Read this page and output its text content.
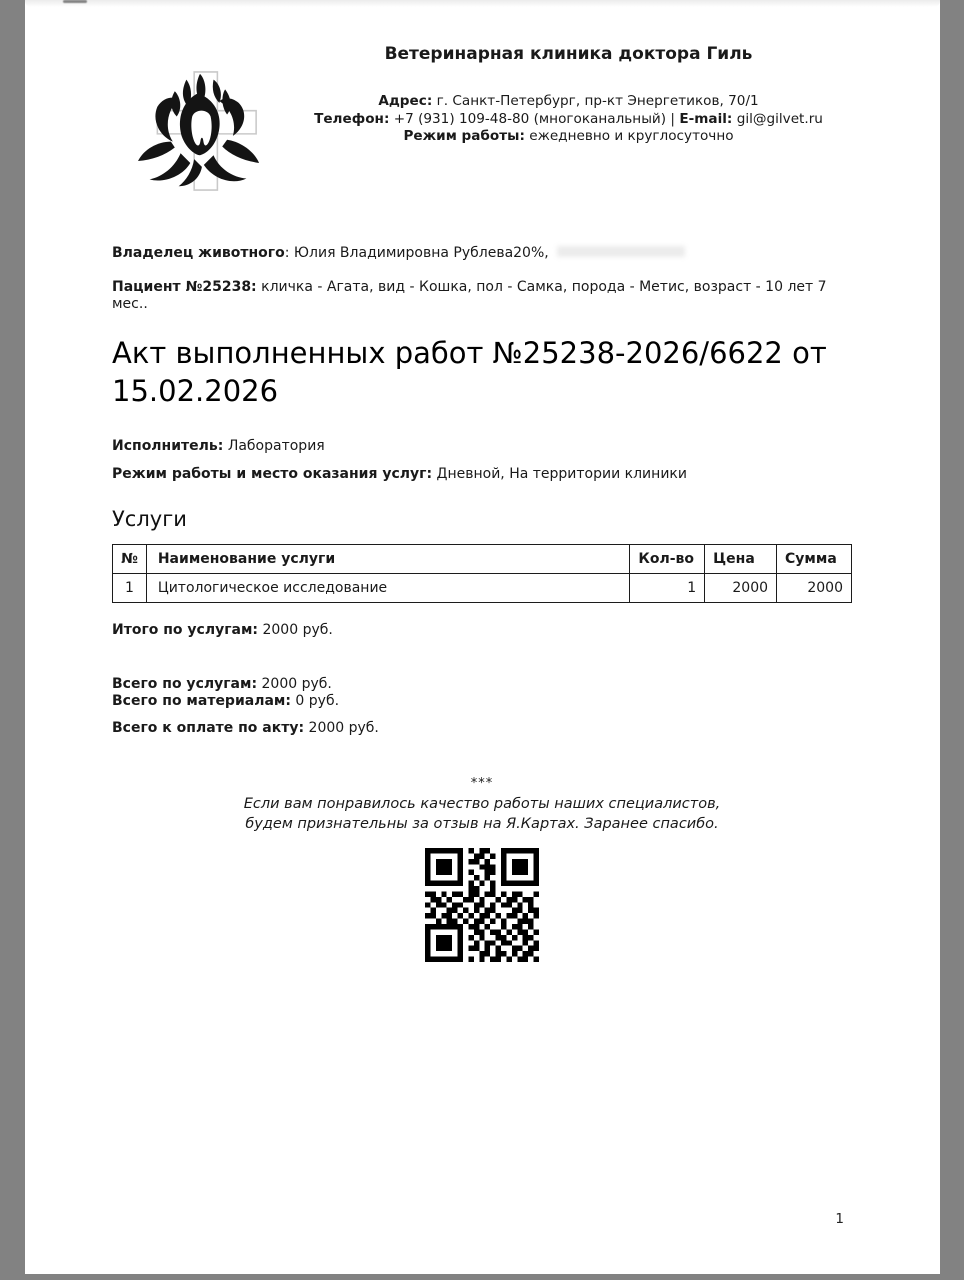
Ветеринарная клиника доктора Гиль
Адрес: г. Санкт-Петербург, пр-кт Энергетиков, 70/1
Телефон: +7 (931) 109-48-80 (многоканальный) | E-mail: gil@gilvet.ru
Режим работы: ежедневно и круглосуточно
Владелец животного: Юлия Владимировна Рублева20%,
Пациент №25238: кличка - Агата, вид - Кошка, пол - Самка, порода - Метис, возраст - 10 лет 7 мес..
Акт выполненных работ №25238-2026/6622 от 15.02.2026
Исполнитель: Лаборатория
Режим работы и место оказания услуг: Дневной, На территории клиники
Услуги
№	Наименование услуги	Кол-во	Цена	Сумма
1	Цитологическое исследование	1	2000	2000
Итого по услугам: 2000 руб.
Всего по услугам: 2000 руб.
Всего по материалам: 0 руб.
Всего к оплате по акту: 2000 руб.
***
Если вам понравилось качество работы наших специалистов,
будем признательны за отзыв на Я.Картах. Заранее спасибо.
1
